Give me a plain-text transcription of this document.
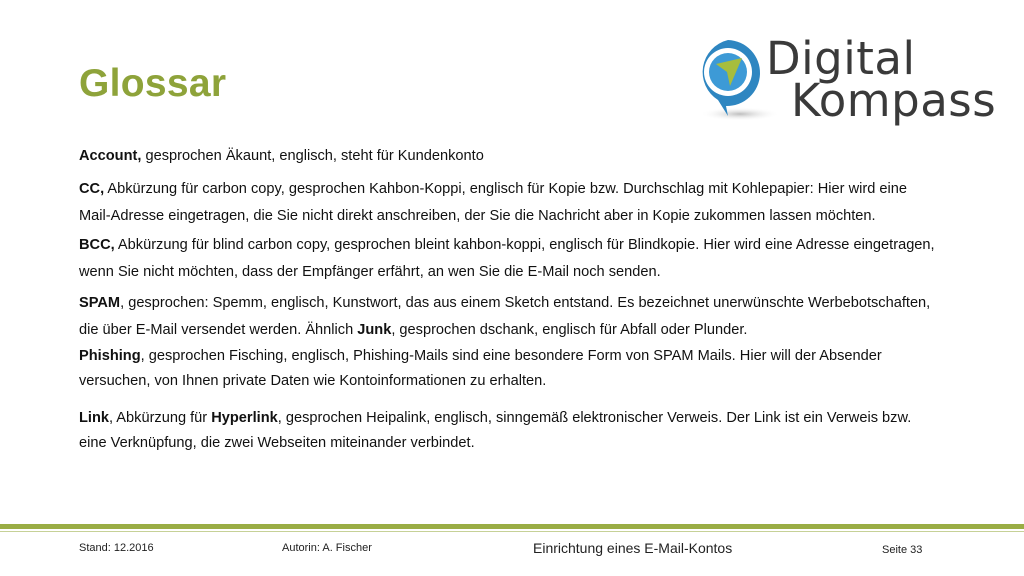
Glossar	Digital
Kompass

Account, gesprochen Äkaunt, englisch, steht für Kundenkonto

CC, Abkürzung für carbon copy, gesprochen Kahbon-Koppi, englisch für Kopie bzw. Durchschlag mit Kohlepapier: Hier wird eine Mail-Adresse eingetragen, die Sie nicht direkt anschreiben, der Sie die Nachricht aber in Kopie zukommen lassen möchten.

BCC, Abkürzung für blind carbon copy, gesprochen bleint kahbon-koppi, englisch für Blindkopie. Hier wird eine Adresse eingetragen, wenn Sie nicht möchten, dass der Empfänger erfährt, an wen Sie die E-Mail noch senden.

SPAM, gesprochen: Spemm, englisch, Kunstwort, das aus einem Sketch entstand. Es bezeichnet unerwünschte Werbebotschaften, die über E-Mail versendet werden. Ähnlich Junk, gesprochen dschank, englisch für Abfall oder Plunder.

Phishing, gesprochen Fisching, englisch, Phishing-Mails sind eine besondere Form von SPAM Mails. Hier will der Absender versuchen, von Ihnen private Daten wie Kontoinformationen zu erhalten.

Link, Abkürzung für Hyperlink, gesprochen Heipalink, englisch, sinngemäß elektronischer Verweis. Der Link ist ein Verweis bzw. eine Verknüpfung, die zwei Webseiten miteinander verbindet.

Stand: 12.2016	Autorin: A. Fischer	Einrichtung eines E-Mail-Kontos	Seite 33
